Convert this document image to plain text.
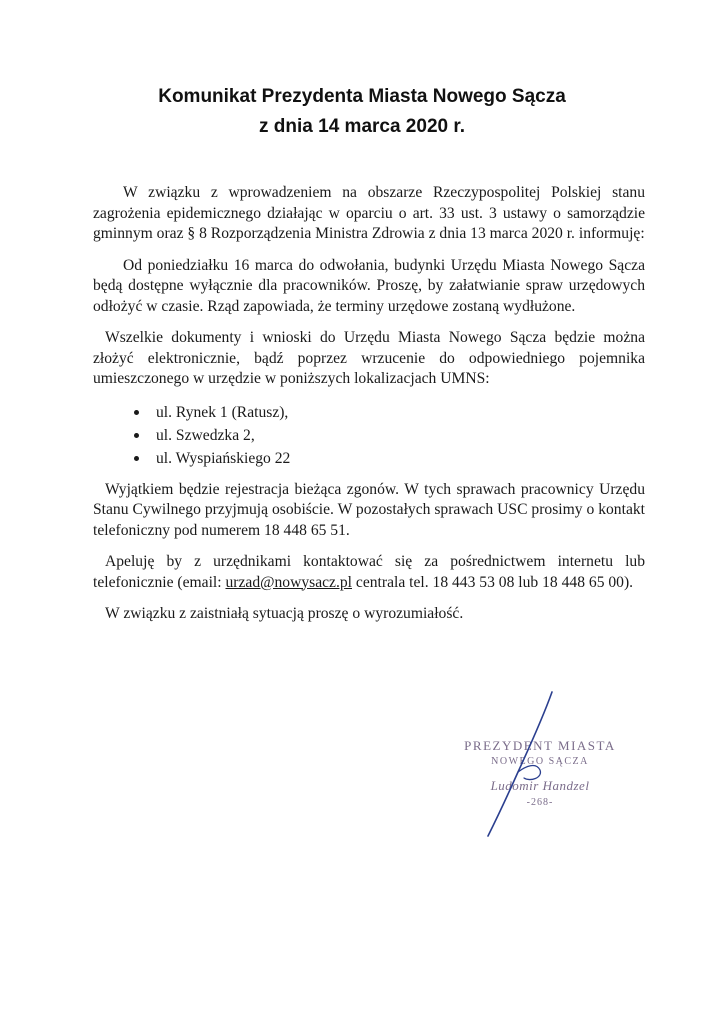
Komunikat Prezydenta Miasta Nowego Sącza
z dnia 14 marca 2020 r.

W związku z wprowadzeniem na obszarze Rzeczypospolitej Polskiej stanu zagrożenia epidemicznego działając w oparciu o art. 33 ust. 3 ustawy o samorządzie gminnym oraz § 8 Rozporządzenia Ministra Zdrowia z dnia 13 marca 2020 r. informuję:

Od poniedziałku 16 marca do odwołania, budynki Urzędu Miasta Nowego Sącza będą dostępne wyłącznie dla pracowników. Proszę, by załatwianie spraw urzędowych odłożyć w czasie. Rząd zapowiada, że terminy urzędowe zostaną wydłużone.

Wszelkie dokumenty i wnioski do Urzędu Miasta Nowego Sącza będzie można złożyć elektronicznie, bądź poprzez wrzucenie do odpowiedniego pojemnika umieszczonego w urzędzie w poniższych lokalizacjach UMNS:

ul. Rynek 1 (Ratusz),
ul. Szwedzka 2,
ul. Wyspiańskiego 22

Wyjątkiem będzie rejestracja bieżąca zgonów. W tych sprawach pracownicy Urzędu Stanu Cywilnego przyjmują osobiście. W pozostałych sprawach USC prosimy o kontakt telefoniczny pod numerem 18 448 65 51.

Apeluję by z urzędnikami kontaktować się za pośrednictwem internetu lub telefonicznie (email: urzad@nowysacz.pl centrala tel. 18 443 53 08 lub 18 448 65 00).

W związku z zaistniałą sytuacją proszę o wyrozumiałość.

PREZYDENT MIASTA
NOWEGO SĄCZA
Ludomir Handzel
-268-
